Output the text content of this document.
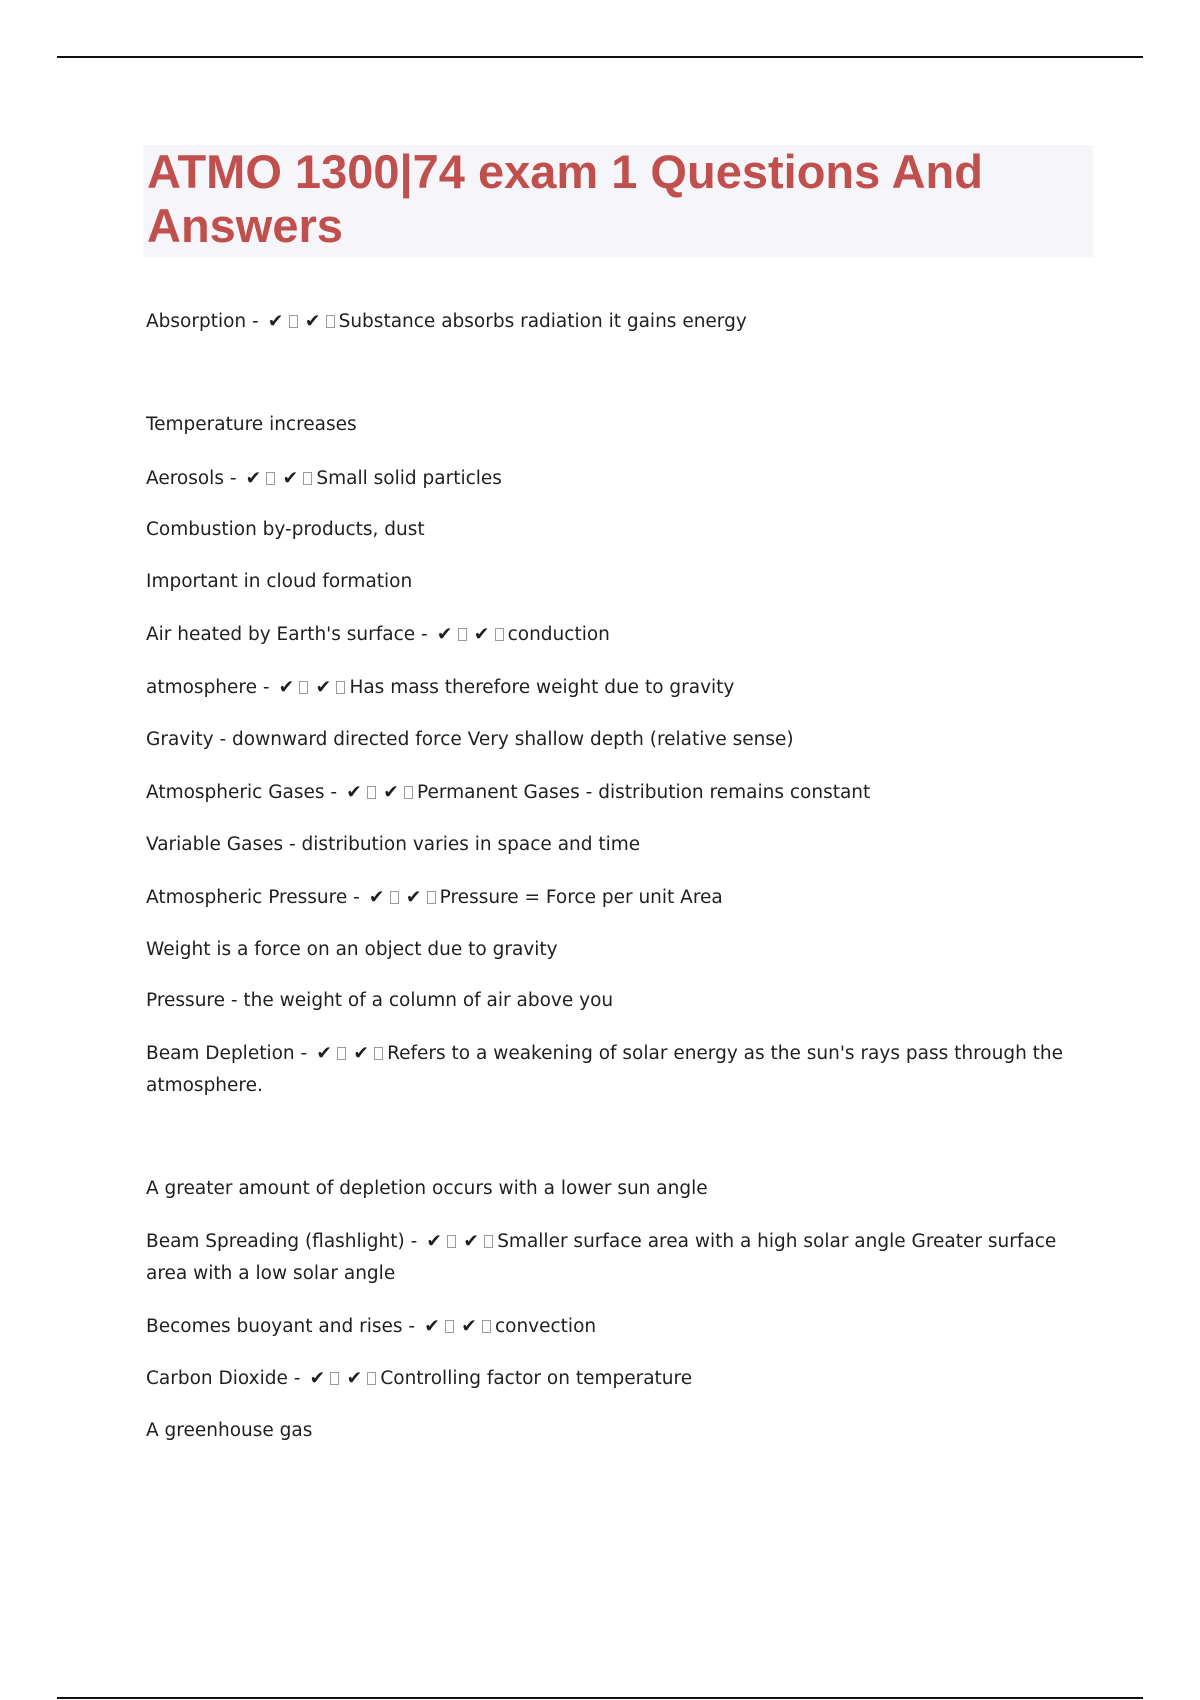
ATMO 1300|74 exam 1 Questions And Answers
Absorption - ✔ ✔ Substance absorbs radiation it gains energy
Temperature increases
Aerosols - ✔ ✔ Small solid particles
Combustion by-products, dust
Important in cloud formation
Air heated by Earth's surface - ✔ ✔ conduction
atmosphere - ✔ ✔ Has mass therefore weight due to gravity
Gravity - downward directed force Very shallow depth (relative sense)
Atmospheric Gases - ✔ ✔ Permanent Gases - distribution remains constant
Variable Gases - distribution varies in space and time
Atmospheric Pressure - ✔ ✔ Pressure = Force per unit Area
Weight is a force on an object due to gravity
Pressure - the weight of a column of air above you
Beam Depletion - ✔ ✔ Refers to a weakening of solar energy as the sun's rays pass through the atmosphere.
A greater amount of depletion occurs with a lower sun angle
Beam Spreading (flashlight) - ✔ ✔ Smaller surface area with a high solar angle Greater surface area with a low solar angle
Becomes buoyant and rises - ✔ ✔ convection
Carbon Dioxide - ✔ ✔ Controlling factor on temperature
A greenhouse gas
